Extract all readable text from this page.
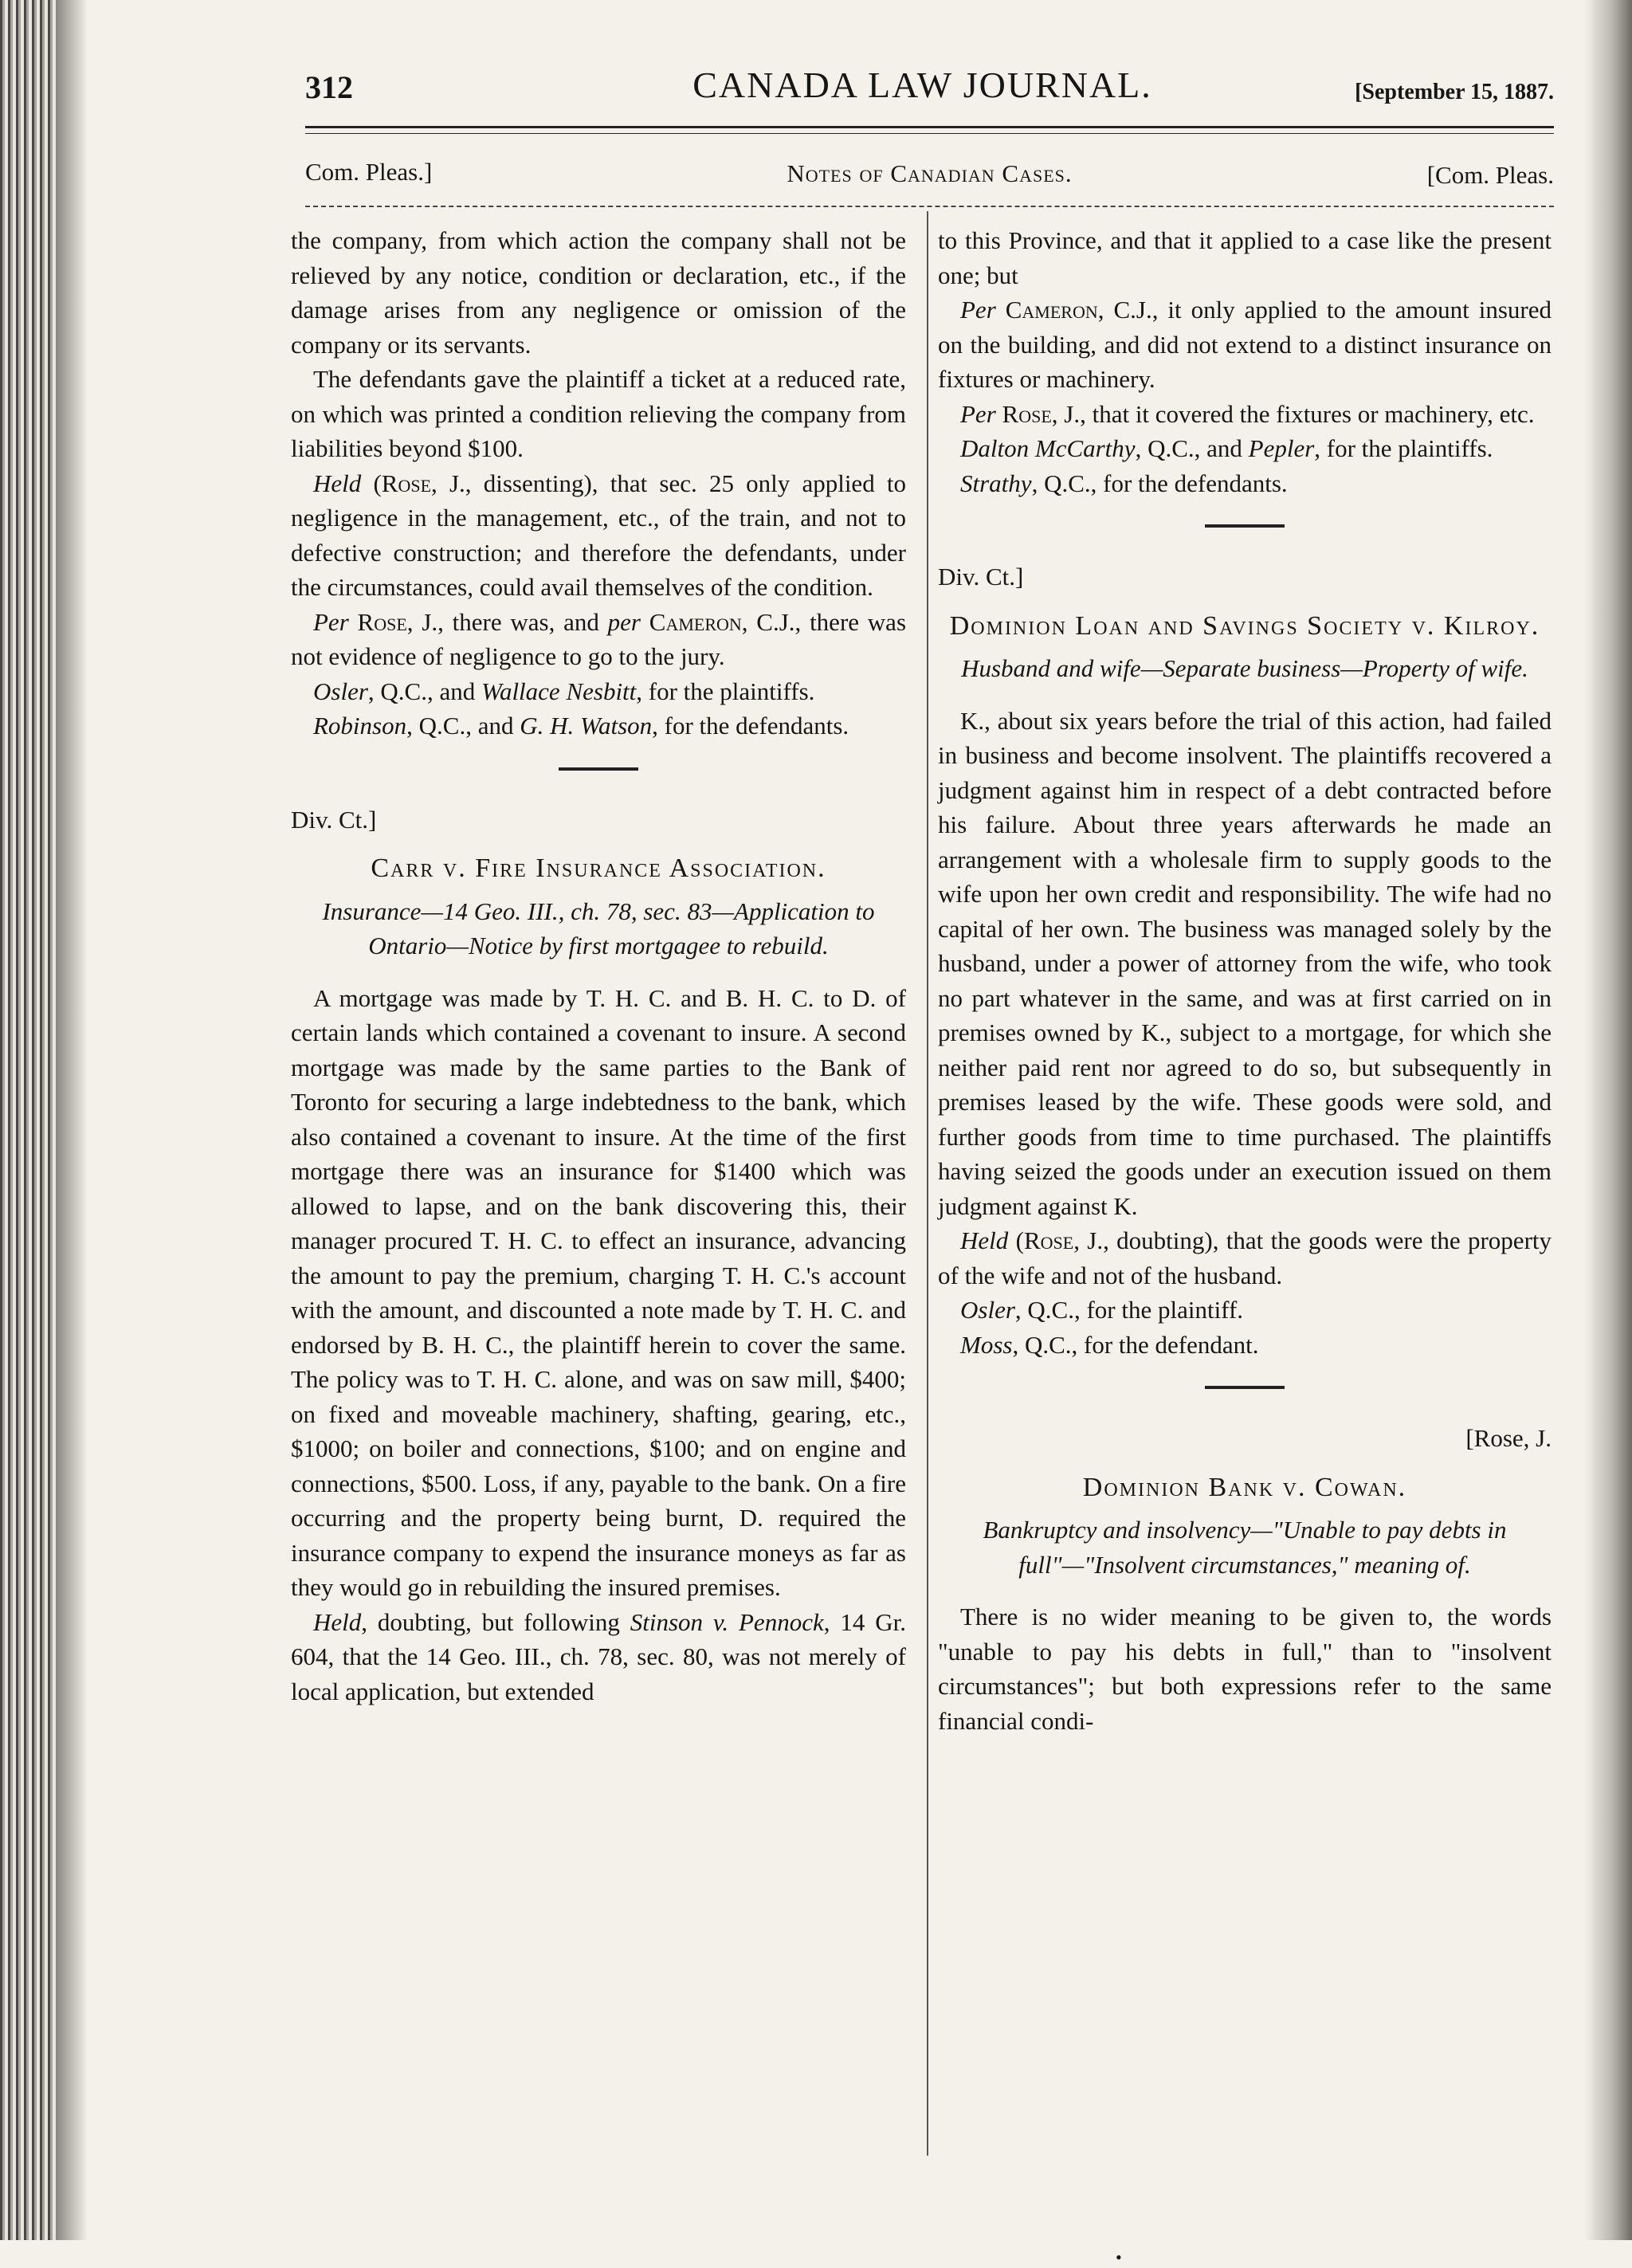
312	CANADA LAW JOURNAL.	[September 15, 1887.
Com. Pleas.]	Notes of Canadian Cases.	[Com. Pleas.

the company, from which action the company shall not be relieved by any notice, condition or declaration, etc., if the damage arises from any negligence or omission of the company or its servants.

The defendants gave the plaintiff a ticket at a reduced rate, on which was printed a condition relieving the company from liabilities beyond $100.

Held (Rose, J., dissenting), that sec. 25 only applied to negligence in the management, etc., of the train, and not to defective construction; and therefore the defendants, under the circumstances, could avail themselves of the condition.

Per Rose, J., there was, and per Cameron, C.J., there was not evidence of negligence to go to the jury.

Osler, Q.C., and Wallace Nesbitt, for the plaintiffs.

Robinson, Q.C., and G. H. Watson, for the defendants.

Div. Ct.]

Carr v. Fire Insurance Association.
Insurance—14 Geo. III., ch. 78, sec. 83—Application to Ontario—Notice by first mortgagee to rebuild.

A mortgage was made by T. H. C. and B. H. C. to D. of certain lands which contained a covenant to insure. A second mortgage was made by the same parties to the Bank of Toronto for securing a large indebtedness to the bank, which also contained a covenant to insure. At the time of the first mortgage there was an insurance for $1400 which was allowed to lapse, and on the bank discovering this, their manager procured T. H. C. to effect an insurance, advancing the amount to pay the premium, charging T. H. C.'s account with the amount, and discounted a note made by T. H. C. and endorsed by B. H. C., the plaintiff herein to cover the same. The policy was to T. H. C. alone, and was on saw mill, $400; on fixed and moveable machinery, shafting, gearing, etc., $1000; on boiler and connections, $100; and on engine and connections, $500. Loss, if any, payable to the bank. On a fire occurring and the property being burnt, D. required the insurance company to expend the insurance moneys as far as they would go in rebuilding the insured premises.

Held, doubting, but following Stinson v. Pennock, 14 Gr. 604, that the 14 Geo. III., ch. 78, sec. 80, was not merely of local application, but extended

to this Province, and that it applied to a case like the present one; but

Per Cameron, C.J., it only applied to the amount insured on the building, and did not extend to a distinct insurance on fixtures or machinery.

Per Rose, J., that it covered the fixtures or machinery, etc.

Dalton McCarthy, Q.C., and Pepler, for the plaintiffs.

Strathy, Q.C., for the defendants.

Div. Ct.]

Dominion Loan and Savings Society v. Kilroy.
Husband and wife—Separate business—Property of wife.

K., about six years before the trial of this action, had failed in business and become insolvent. The plaintiffs recovered a judgment against him in respect of a debt contracted before his failure. About three years afterwards he made an arrangement with a wholesale firm to supply goods to the wife upon her own credit and responsibility. The wife had no capital of her own. The business was managed solely by the husband, under a power of attorney from the wife, who took no part whatever in the same, and was at first carried on in premises owned by K., subject to a mortgage, for which she neither paid rent nor agreed to do so, but subsequently in premises leased by the wife. These goods were sold, and further goods from time to time purchased. The plaintiffs having seized the goods under an execution issued on them judgment against K.

Held (Rose, J., doubting), that the goods were the property of the wife and not of the husband.

Osler, Q.C., for the plaintiff.

Moss, Q.C., for the defendant.

[Rose, J.

Dominion Bank v. Cowan.
Bankruptcy and insolvency—"Unable to pay debts in full"—"Insolvent circumstances," meaning of.

There is no wider meaning to be given to, the words "unable to pay his debts in full," than to "insolvent circumstances"; but both expressions refer to the same financial condi-

•
